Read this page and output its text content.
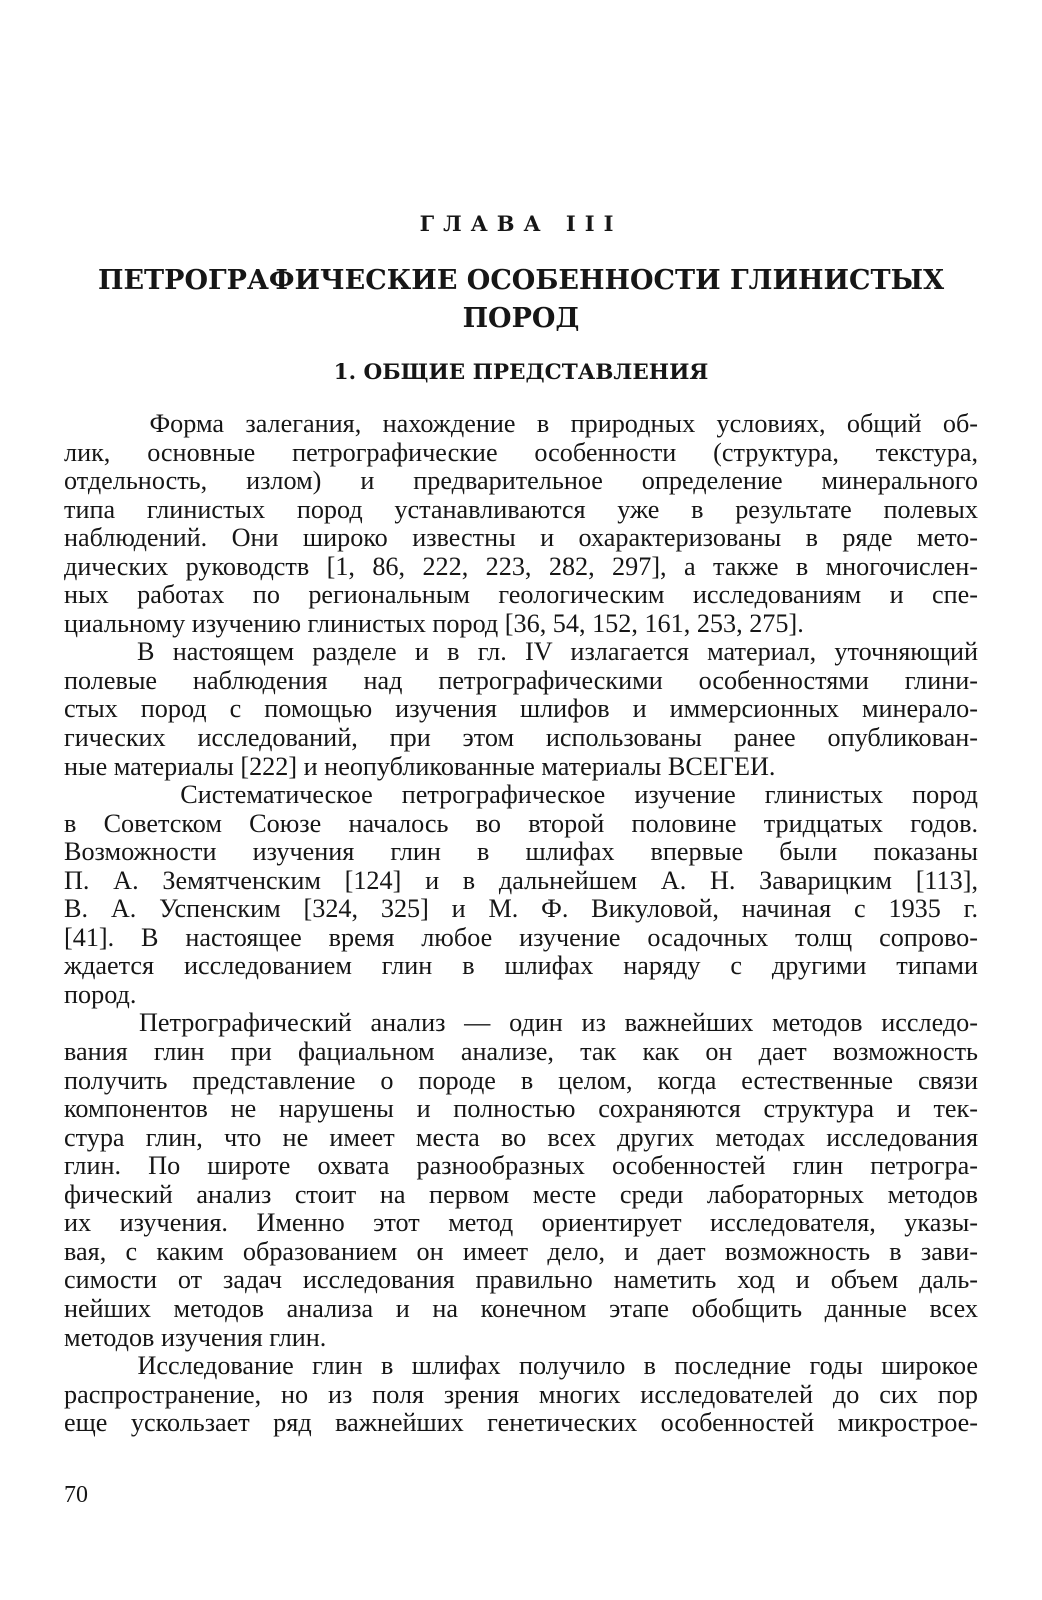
ГЛАВА III
ПЕТРОГРАФИЧЕСКИЕ ОСОБЕННОСТИ ГЛИНИСТЫХ
ПОРОД
1. ОБЩИЕ ПРЕДСТАВЛЕНИЯ
Форма залегания, нахождение в природных условиях, общий об-
лик, основные петрографические особенности (структура, текстура,
отдельность, излом) и предварительное определение минерального
типа глинистых пород устанавливаются уже в результате полевых
наблюдений. Они широко известны и охарактеризованы в ряде мето-
дических руководств [1, 86, 222, 223, 282, 297], а также в многочислен-
ных работах по региональным геологическим исследованиям и спе-
циальному изучению глинистых пород [36, 54, 152, 161, 253, 275].
В настоящем разделе и в гл. IV излагается материал, уточняющий
полевые наблюдения над петрографическими особенностями глини-
стых пород с помощью изучения шлифов и иммерсионных минерало-
гических исследований, при этом использованы ранее опубликован-
ные материалы [222] и неопубликованные материалы ВСЕГЕИ.
Систематическое петрографическое изучение глинистых пород
в Советском Союзе началось во второй половине тридцатых годов.
Возможности изучения глин в шлифах впервые были показаны
П. А. Земятченским [124] и в дальнейшем А. Н. Заварицким [113],
В. А. Успенским [324, 325] и М. Ф. Викуловой, начиная с 1935 г.
[41]. В настоящее время любое изучение осадочных толщ сопрово-
ждается исследованием глин в шлифах наряду с другими типами
пород.
Петрографический анализ — один из важнейших методов исследо-
вания глин при фациальном анализе, так как он дает возможность
получить представление о породе в целом, когда естественные связи
компонентов не нарушены и полностью сохраняются структура и тек-
стура глин, что не имеет места во всех других методах исследования
глин. По широте охвата разнообразных особенностей глин петрогра-
фический анализ стоит на первом месте среди лабораторных методов
их изучения. Именно этот метод ориентирует исследователя, указы-
вая, с каким образованием он имеет дело, и дает возможность в зави-
симости от задач исследования правильно наметить ход и объем даль-
нейших методов анализа и на конечном этапе обобщить данные всех
методов изучения глин.
Исследование глин в шлифах получило в последние годы широкое
распространение, но из поля зрения многих исследователей до сих пор
еще ускользает ряд важнейших генетических особенностей микрострое-
70
